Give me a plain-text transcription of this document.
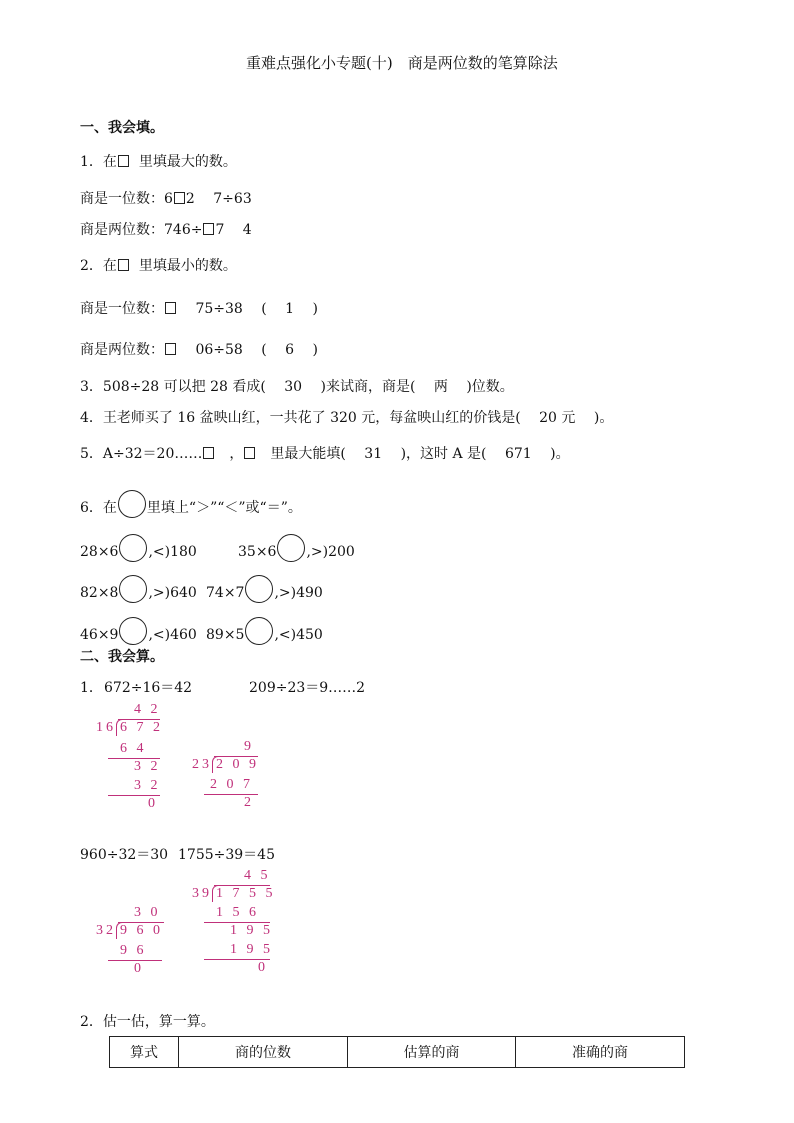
重难点强化小专题(十)　商是两位数的笔算除法
一、我会填。
1．在 里填最大的数。
商是一位数：6 2　 7÷63
商是两位数：746÷ 7　 4
2．在 里填最小的数。
商是一位数：　 75÷38 　(　 1 　)
商是两位数：　 06÷58 　(　 6 　)
3．508÷28 可以把 28 看成(　 30 　)来试商，商是(　 两 　)位数。
4．王老师买了 16 盆映山红，一共花了 320 元，每盆映山红的价钱是(　 20 元 　)。
5．A÷32＝20……　，　里最大能填(　 31 　)，这时 A 是(　 671 　)。
6．在 里填上“＞”“＜”或“＝”。
28×6 ,<)180	35×6 ,>)200
82×8 ,>)640 74×7 ,>)490
46×9 ,<)460 89×5 ,<)450
二、我会算。
1． 672÷16＝42	209÷23＝9……2
4 2
16 6 7 2
6 4
3 2
3 2
0
9
23 2 0 9
2 0 7
2
960÷32＝30 1755÷39＝45
4 5
39 1 7 5 5
1 5 6
1 9 5
1 9 5
0
3 0
32 9 6 0
9 6
0
2．估一估，算一算。
算式	商的位数	估算的商	准确的商
